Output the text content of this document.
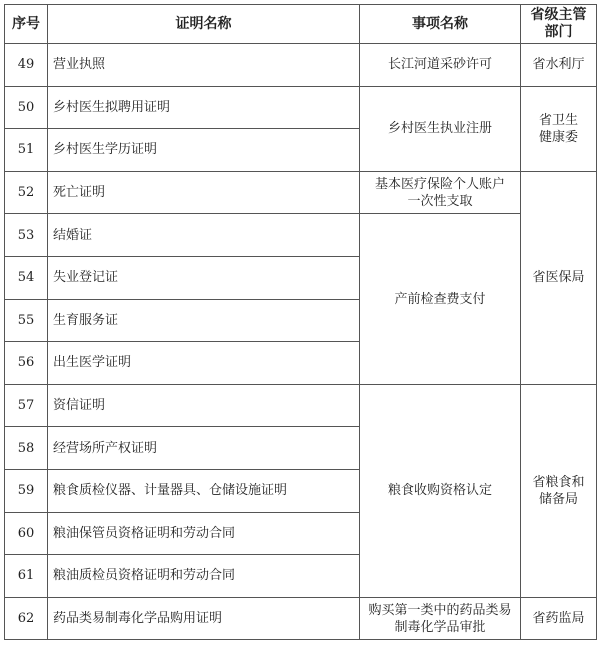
序号	证明名称	事项名称	省级主管
部门
49	营业执照	长江河道采砂许可	省水利厅
50	乡村医生拟聘用证明	乡村医生执业注册	省卫生
健康委

51	乡村医生学历证明		
52	死亡证明	基本医疗保险个人账户
一次性支取	省医保局
53	结婚证	产前检查费支付	
54	失业登记证		
55	生育服务证		
56	出生医学证明		
57	资信证明	粮食收购资格认定	省粮食和
储备局

58	经营场所产权证明		
59	粮食质检仪器、计量器具、仓储设施证明		
60	粮油保管员资格证明和劳动合同		
61	粮油质检员资格证明和劳动合同		
62	药品类易制毒化学品购用证明	购买第一类中的药品类易
制毒化学品审批	省药监局
